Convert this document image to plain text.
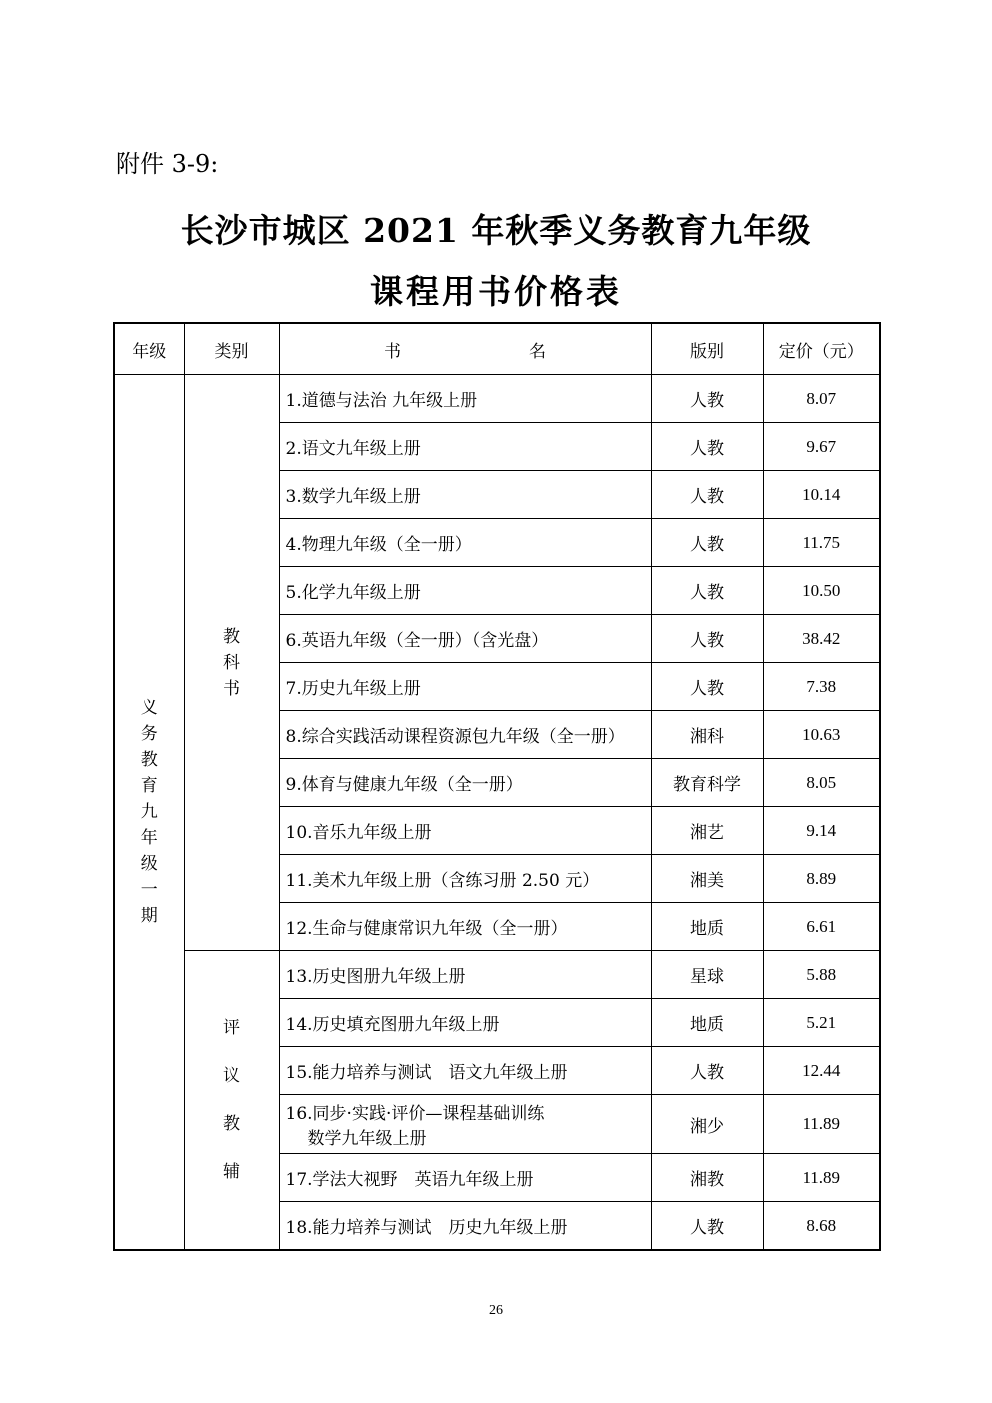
附件 3-9:
长沙市城区 2021 年秋季义务教育九年级
课程用书价格表
年级	类别	书 名	版别	定价（元）
义务教育九年级一期	教科书	1.道德与法治 九年级上册	人教	8.07
		2.语文九年级上册	人教	9.67
		3.数学九年级上册	人教	10.14
		4.物理九年级（全一册）	人教	11.75
		5.化学九年级上册	人教	10.50
		6.英语九年级（全一册）（含光盘）	人教	38.42
		7.历史九年级上册	人教	7.38
		8.综合实践活动课程资源包九年级（全一册）	湘科	10.63
		9.体育与健康九年级（全一册）	教育科学	8.05
		10.音乐九年级上册	湘艺	9.14
		11.美术九年级上册（含练习册 2.50 元）	湘美	8.89
		12.生命与健康常识九年级（全一册）	地质	6.61
	评议教辅	13.历史图册九年级上册	星球	5.88
		14.历史填充图册九年级上册	地质	5.21
		15.能力培养与测试　语文九年级上册	人教	12.44
		16.同步·实践·评价—课程基础训练
数学九年级上册	湘少	11.89
		17.学法大视野　英语九年级上册	湘教	11.89
		18.能力培养与测试　历史九年级上册	人教	8.68
26
